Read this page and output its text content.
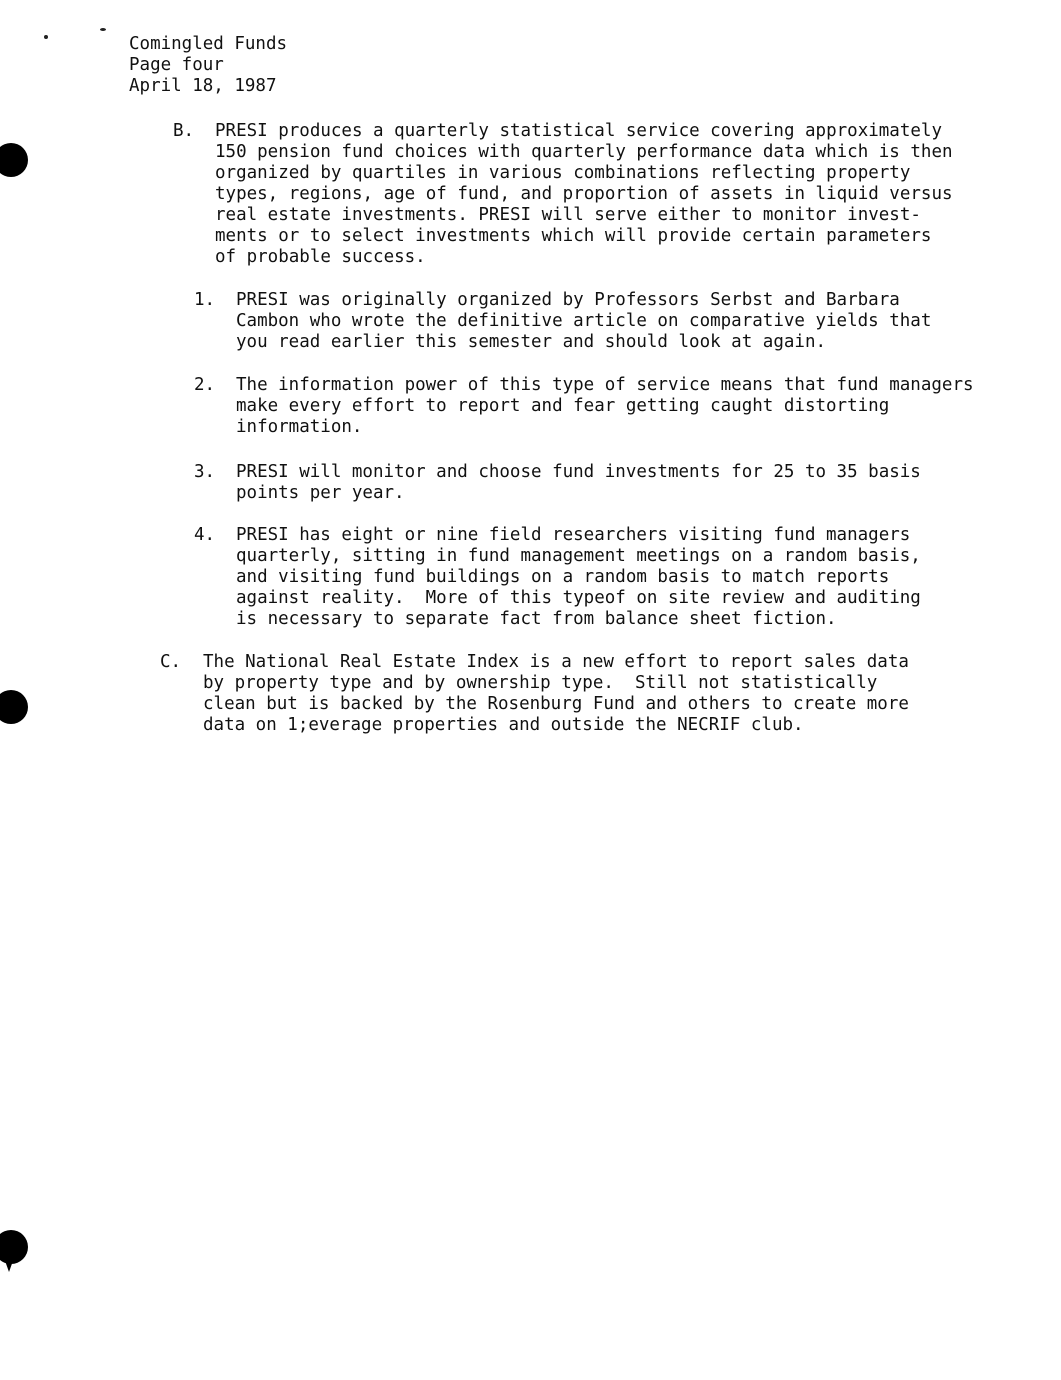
Comingled Funds
Page four
April 18, 1987
B. PRESI produces a quarterly statistical service covering approximately
150 pension fund choices with quarterly performance data which is then
organized by quartiles in various combinations reflecting property
types, regions, age of fund, and proportion of assets in liquid versus
real estate investments. PRESI will serve either to monitor invest-
ments or to select investments which will provide certain parameters
of probable success.
1. PRESI was originally organized by Professors Serbst and Barbara
Cambon who wrote the definitive article on comparative yields that
you read earlier this semester and should look at again.
2. The information power of this type of service means that fund managers
make every effort to report and fear getting caught distorting
information.
3. PRESI will monitor and choose fund investments for 25 to 35 basis
points per year.
4. PRESI has eight or nine field researchers visiting fund managers
quarterly, sitting in fund management meetings on a random basis,
and visiting fund buildings on a random basis to match reports
against reality.  More of this typeof on site review and auditing
is necessary to separate fact from balance sheet fiction.
C. The National Real Estate Index is a new effort to report sales data
by property type and by ownership type.  Still not statistically
clean but is backed by the Rosenburg Fund and others to create more
data on 1;everage properties and outside the NECRIF club.
